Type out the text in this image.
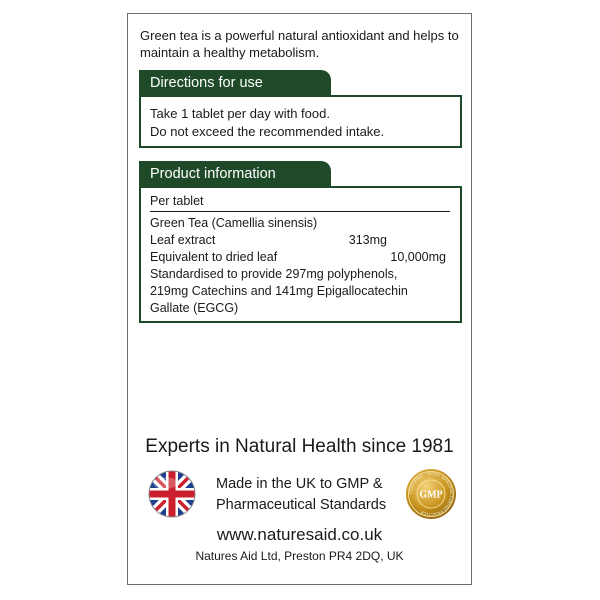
Green tea is a powerful natural antioxidant and helps to
maintain a healthy metabolism.
Directions for use
Take 1 tablet per day with food.
Do not exceed the recommended intake.
Product information
Per tablet
Green Tea (Camellia sinensis)
Leaf extract	313mg
Equivalent to dried leaf	10,000mg
Standardised to provide 297mg polyphenols,
219mg Catechins and 141mg Epigallocatechin
Gallate (EGCG)
Experts in Natural Health since 1981
Made in the UK to GMP &
Pharmaceutical Standards
CERTIFIED · GOOD MANUFACTURING PRACTICE ·
GMP
www.naturesaid.co.uk
Natures Aid Ltd, Preston PR4 2DQ, UK
